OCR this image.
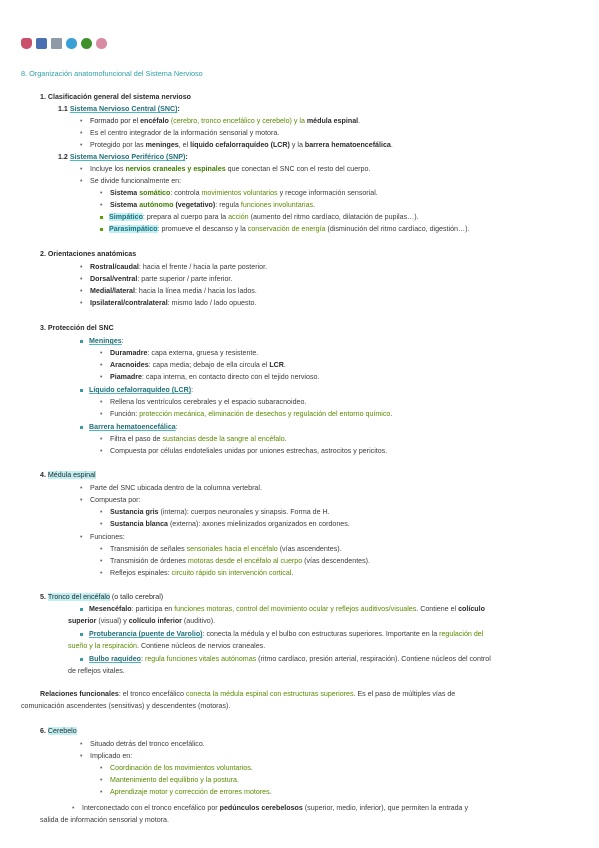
8. Organización anatomofuncional del Sistema Nervioso
1. Clasificación general del sistema nervioso
1.1 Sistema Nervioso Central (SNC):
• Formado por el encéfalo (cerebro, tronco encefálico y cerebelo) y la médula espinal.
• Es el centro integrador de la información sensorial y motora.
• Protegido por las meninges, el líquido cefalorraquídeo (LCR) y la barrera hematoencefálica.
1.2 Sistema Nervioso Periférico (SNP):
• Incluye los nervios craneales y espinales que conectan el SNC con el resto del cuerpo.
• Se divide funcionalmente en:
• Sistema somático: controla movimientos voluntarios y recoge información sensorial.
• Sistema autónomo (vegetativo): regula funciones involuntarias.
Simpático: prepara al cuerpo para la acción (aumento del ritmo cardíaco, dilatación de pupilas…).
Parasimpático: promueve el descanso y la conservación de energía (disminución del ritmo cardíaco, digestión…).
2. Orientaciones anatómicas
• Rostral/caudal: hacia el frente / hacia la parte posterior.
• Dorsal/ventral: parte superior / parte inferior.
• Medial/lateral: hacia la línea media / hacia los lados.
• Ipsilateral/contralateral: mismo lado / lado opuesto.
3. Protección del SNC
Meninges:
• Duramadre: capa externa, gruesa y resistente.
• Aracnoides: capa media; debajo de ella circula el LCR.
• Piamadre: capa interna, en contacto directo con el tejido nervioso.
Líquido cefalorraquídeo (LCR):
• Rellena los ventrículos cerebrales y el espacio subaracnoideo.
• Función: protección mecánica, eliminación de desechos y regulación del entorno químico.
Barrera hematoencefálica:
• Filtra el paso de sustancias desde la sangre al encéfalo.
• Compuesta por células endoteliales unidas por uniones estrechas, astrocitos y pericitos.
4. Médula espinal
• Parte del SNC ubicada dentro de la columna vertebral.
• Compuesta por:
• Sustancia gris (interna): cuerpos neuronales y sinapsis. Forma de H.
• Sustancia blanca (externa): axones mielinizados organizados en cordones.
• Funciones:
• Transmisión de señales sensoriales hacia el encéfalo (vías ascendentes).
• Transmisión de órdenes motoras desde el encéfalo al cuerpo (vías descendentes).
• Reflejos espinales: circuito rápido sin intervención cortical.
5. Tronco del encéfalo (o tallo cerebral)
Mesencéfalo: participa en funciones motoras, control del movimiento ocular y reflejos auditivos/visuales. Contiene el colículo
superior (visual) y colículo inferior (auditivo).
Protuberancia (puente de Varolio): conecta la médula y el bulbo con estructuras superiores. Importante en la regulación del
sueño y la respiración. Contiene núcleos de nervios craneales.
Bulbo raquídeo: regula funciones vitales autónomas (ritmo cardíaco, presión arterial, respiración). Contiene núcleos del control
de reflejos vitales.
Relaciones funcionales: el tronco encefálico conecta la médula espinal con estructuras superiores. Es el paso de múltiples vías de
comunicación ascendentes (sensitivas) y descendentes (motoras).
6. Cerebelo
• Situado detrás del tronco encefálico.
• Implicado en:
• Coordinación de los movimientos voluntarios.
• Mantenimiento del equilibrio y la postura.
• Aprendizaje motor y corrección de errores motores.
• Interconectado con el tronco encefálico por pedúnculos cerebelosos (superior, medio, inferior), que permiten la entrada y
salida de información sensorial y motora.
